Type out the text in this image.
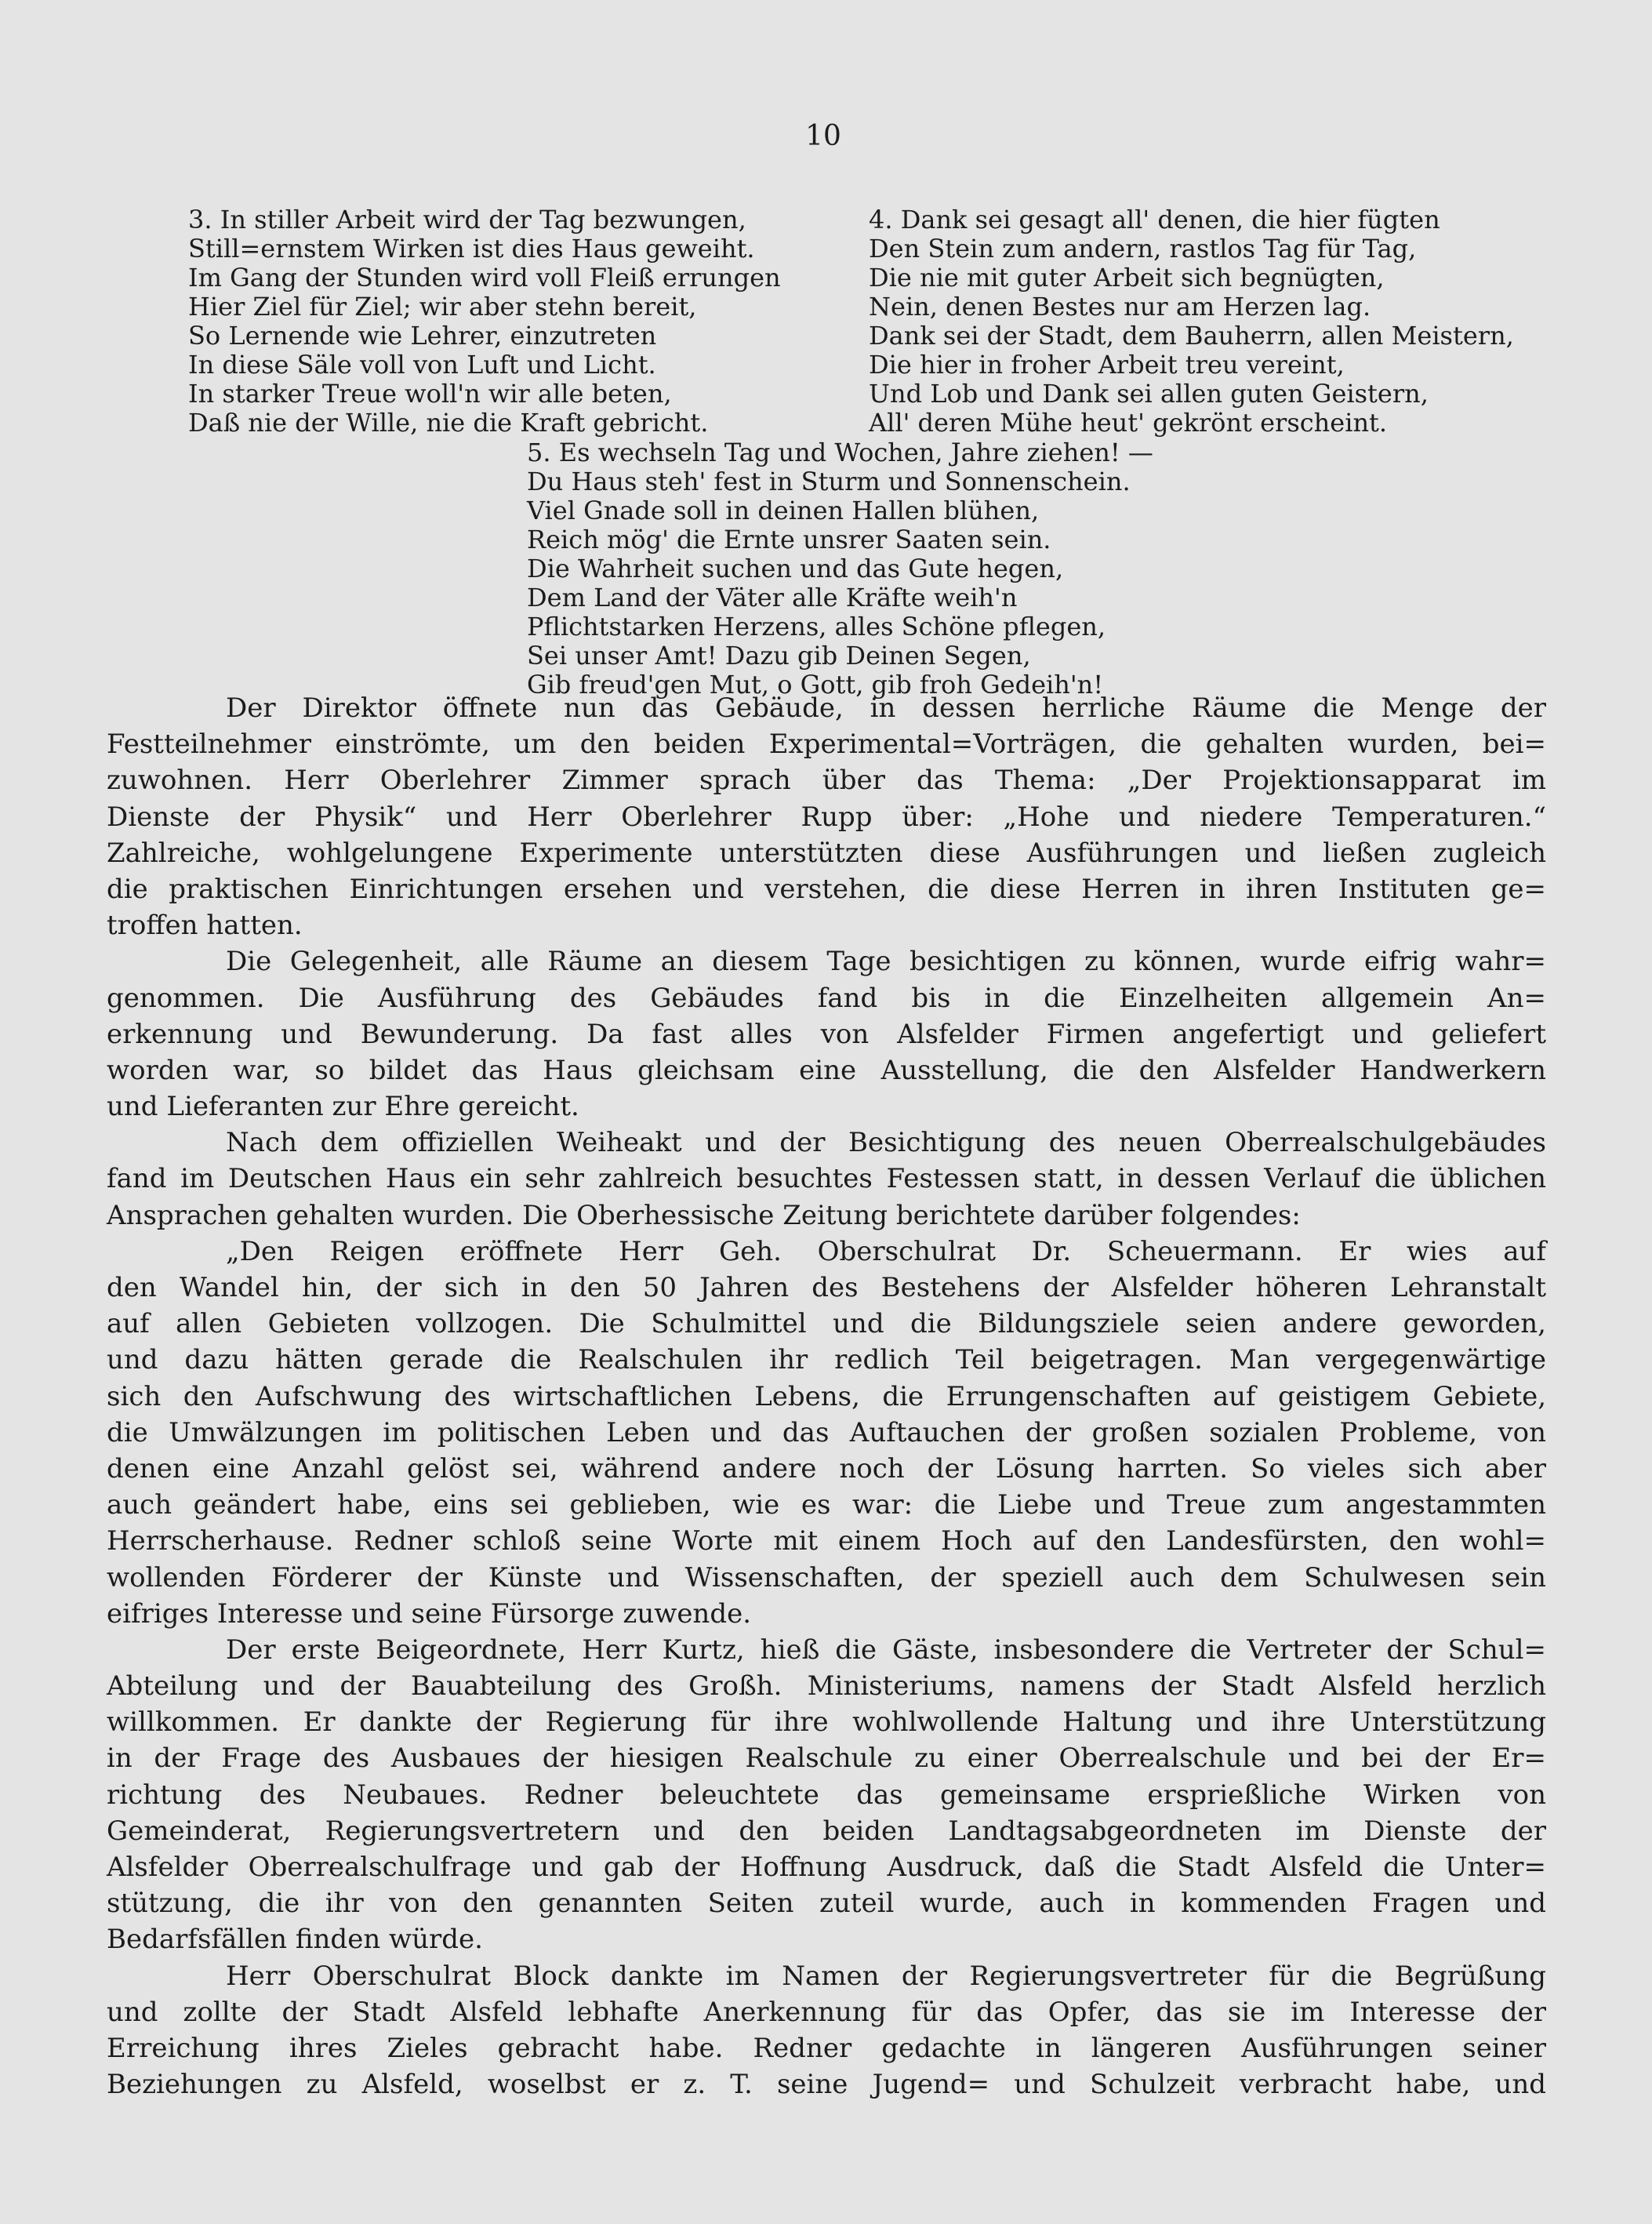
10
3. In stiller Arbeit wird der Tag bezwungen,
Still=ernstem Wirken ist dies Haus geweiht.
Im Gang der Stunden wird voll Fleiß errungen
Hier Ziel für Ziel; wir aber stehn bereit,
So Lernende wie Lehrer, einzutreten
In diese Säle voll von Luft und Licht.
In starker Treue woll'n wir alle beten,
Daß nie der Wille, nie die Kraft gebricht.
4. Dank sei gesagt all' denen, die hier fügten
Den Stein zum andern, rastlos Tag für Tag,
Die nie mit guter Arbeit sich begnügten,
Nein, denen Bestes nur am Herzen lag.
Dank sei der Stadt, dem Bauherrn, allen Meistern,
Die hier in froher Arbeit treu vereint,
Und Lob und Dank sei allen guten Geistern,
All' deren Mühe heut' gekrönt erscheint.
5. Es wechseln Tag und Wochen, Jahre ziehen! —
Du Haus steh' fest in Sturm und Sonnenschein.
Viel Gnade soll in deinen Hallen blühen,
Reich mög' die Ernte unsrer Saaten sein.
Die Wahrheit suchen und das Gute hegen,
Dem Land der Väter alle Kräfte weih'n
Pflichtstarken Herzens, alles Schöne pflegen,
Sei unser Amt! Dazu gib Deinen Segen,
Gib freud'gen Mut, o Gott, gib froh Gedeih'n!

Der Direktor öffnete nun das Gebäude, in dessen herrliche Räume die Menge der
Festteilnehmer einströmte, um den beiden Experimental=Vorträgen, die gehalten wurden, bei=
zuwohnen. Herr Oberlehrer Zimmer sprach über das Thema: „Der Projektionsapparat im
Dienste der Physik“ und Herr Oberlehrer Rupp über: „Hohe und niedere Temperaturen.“
Zahlreiche, wohlgelungene Experimente unterstützten diese Ausführungen und ließen zugleich
die praktischen Einrichtungen ersehen und verstehen, die diese Herren in ihren Instituten ge=
troffen hatten.

Die Gelegenheit, alle Räume an diesem Tage besichtigen zu können, wurde eifrig wahr=
genommen. Die Ausführung des Gebäudes fand bis in die Einzelheiten allgemein An=
erkennung und Bewunderung. Da fast alles von Alsfelder Firmen angefertigt und geliefert
worden war, so bildet das Haus gleichsam eine Ausstellung, die den Alsfelder Handwerkern
und Lieferanten zur Ehre gereicht.

Nach dem offiziellen Weiheakt und der Besichtigung des neuen Oberrealschulgebäudes
fand im Deutschen Haus ein sehr zahlreich besuchtes Festessen statt, in dessen Verlauf die üblichen
Ansprachen gehalten wurden. Die Oberhessische Zeitung berichtete darüber folgendes:

„Den Reigen eröffnete Herr Geh. Oberschulrat Dr. Scheuermann. Er wies auf
den Wandel hin, der sich in den 50 Jahren des Bestehens der Alsfelder höheren Lehranstalt
auf allen Gebieten vollzogen. Die Schulmittel und die Bildungsziele seien andere geworden,
und dazu hätten gerade die Realschulen ihr redlich Teil beigetragen. Man vergegenwärtige
sich den Aufschwung des wirtschaftlichen Lebens, die Errungenschaften auf geistigem Gebiete,
die Umwälzungen im politischen Leben und das Auftauchen der großen sozialen Probleme, von
denen eine Anzahl gelöst sei, während andere noch der Lösung harrten. So vieles sich aber
auch geändert habe, eins sei geblieben, wie es war: die Liebe und Treue zum angestammten
Herrscherhause. Redner schloß seine Worte mit einem Hoch auf den Landesfürsten, den wohl=
wollenden Förderer der Künste und Wissenschaften, der speziell auch dem Schulwesen sein
eifriges Interesse und seine Fürsorge zuwende.

Der erste Beigeordnete, Herr Kurtz, hieß die Gäste, insbesondere die Vertreter der Schul=
Abteilung und der Bauabteilung des Großh. Ministeriums, namens der Stadt Alsfeld herzlich
willkommen. Er dankte der Regierung für ihre wohlwollende Haltung und ihre Unterstützung
in der Frage des Ausbaues der hiesigen Realschule zu einer Oberrealschule und bei der Er=
richtung des Neubaues. Redner beleuchtete das gemeinsame ersprießliche Wirken von
Gemeinderat, Regierungsvertretern und den beiden Landtagsabgeordneten im Dienste der
Alsfelder Oberrealschulfrage und gab der Hoffnung Ausdruck, daß die Stadt Alsfeld die Unter=
stützung, die ihr von den genannten Seiten zuteil wurde, auch in kommenden Fragen und
Bedarfsfällen finden würde.

Herr Oberschulrat Block dankte im Namen der Regierungsvertreter für die Begrüßung
und zollte der Stadt Alsfeld lebhafte Anerkennung für das Opfer, das sie im Interesse der
Erreichung ihres Zieles gebracht habe. Redner gedachte in längeren Ausführungen seiner
Beziehungen zu Alsfeld, woselbst er z. T. seine Jugend= und Schulzeit verbracht habe, und
